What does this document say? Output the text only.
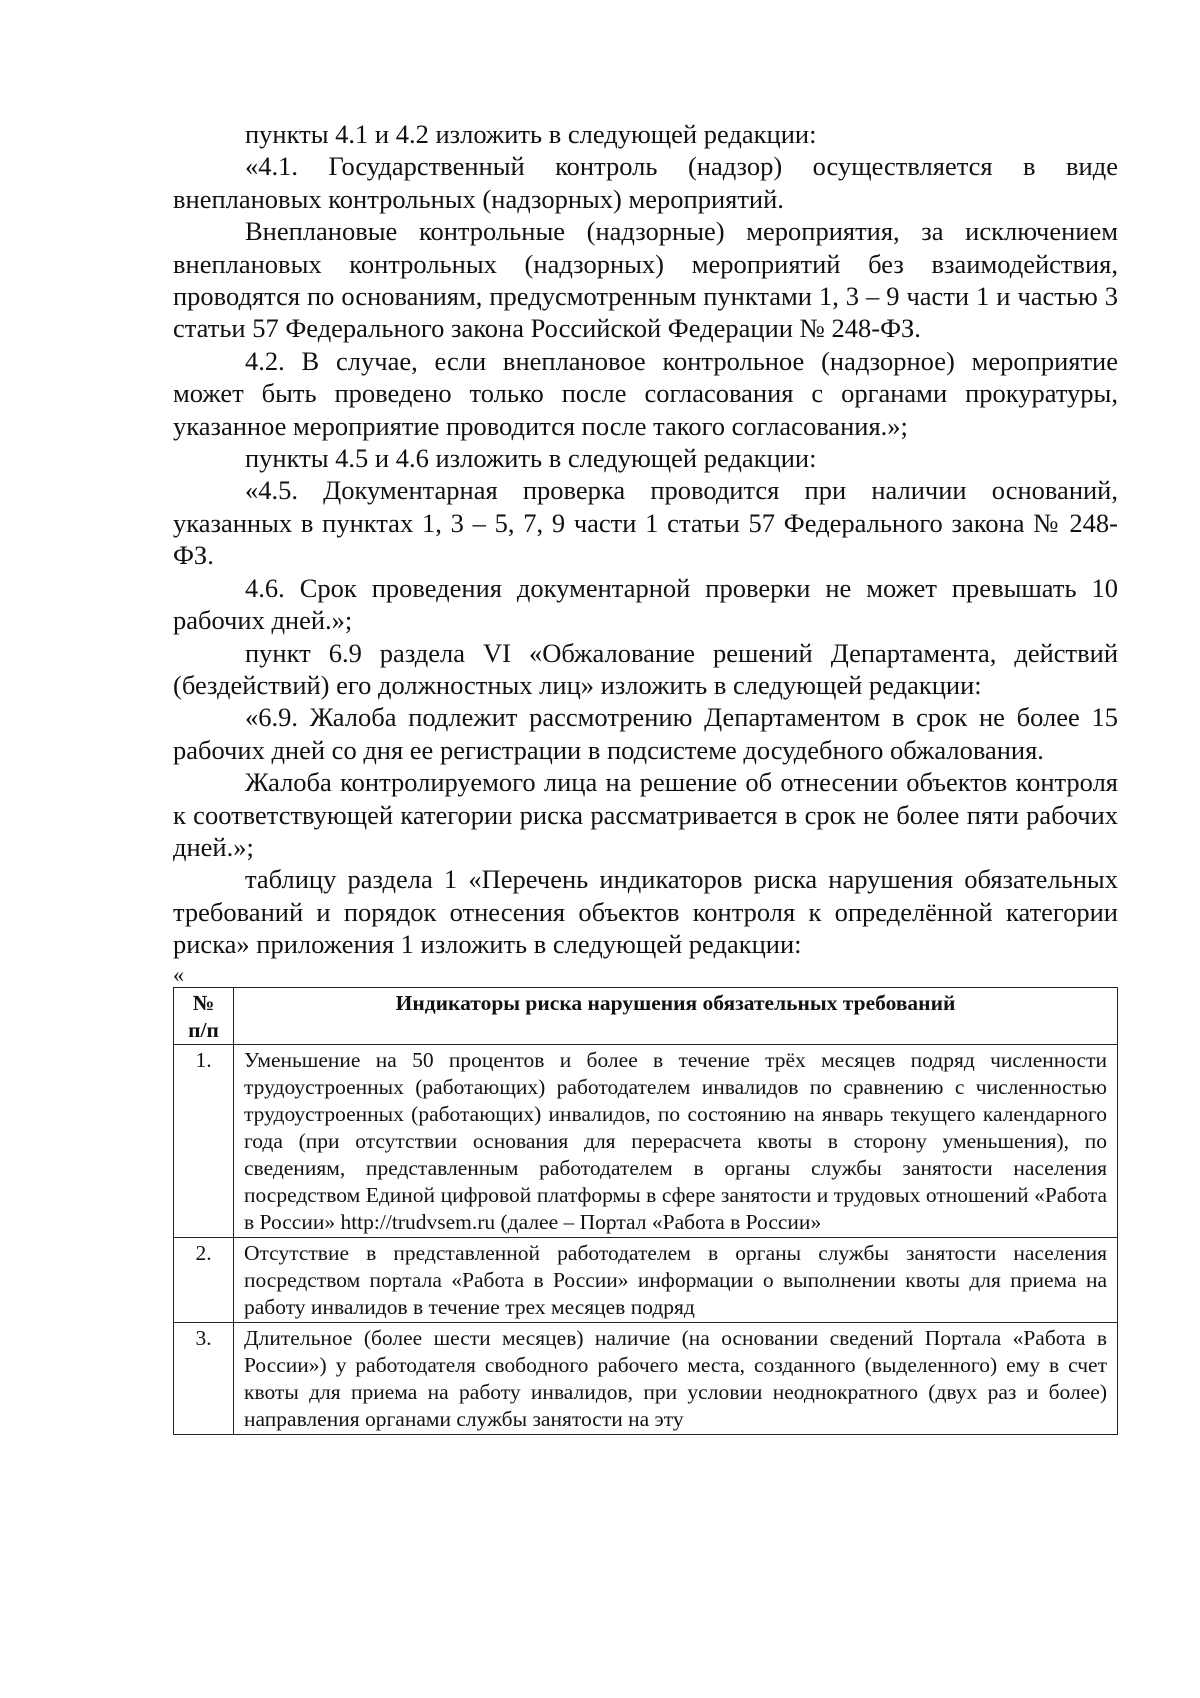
пункты 4.1 и 4.2 изложить в следующей редакции:

«4.1. Государственный контроль (надзор) осуществляется в виде внеплановых контрольных (надзорных) мероприятий.

Внеплановые контрольные (надзорные) мероприятия, за исключением внеплановых контрольных (надзорных) мероприятий без взаимодействия, проводятся по основаниям, предусмотренным пунктами 1, 3 – 9 части 1 и частью 3 статьи 57 Федерального закона Российской Федерации № 248-ФЗ.

4.2. В случае, если внеплановое контрольное (надзорное) мероприятие может быть проведено только после согласования с органами прокуратуры, указанное мероприятие проводится после такого согласования.»;

пункты 4.5 и 4.6 изложить в следующей редакции:

«4.5. Документарная проверка проводится при наличии оснований, указанных в пунктах 1, 3 – 5, 7, 9 части 1 статьи 57 Федерального закона № 248-ФЗ.

4.6. Срок проведения документарной проверки не может превышать 10 рабочих дней.»;

пункт 6.9 раздела VI «Обжалование решений Департамента, действий (бездействий) его должностных лиц» изложить в следующей редакции:

«6.9. Жалоба подлежит рассмотрению Департаментом в срок не более 15 рабочих дней со дня ее регистрации в подсистеме досудебного обжалования.

Жалоба контролируемого лица на решение об отнесении объектов контроля к соответствующей категории риска рассматривается в срок не более пяти рабочих дней.»;

таблицу раздела 1 «Перечень индикаторов риска нарушения обязательных требований и порядок отнесения объектов контроля к определённой категории риска» приложения 1 изложить в следующей редакции:

«
№ п/п	Индикаторы риска нарушения обязательных требований
1.	Уменьшение на 50 процентов и более в течение трёх месяцев подряд численности трудоустроенных (работающих) работодателем инвалидов по сравнению с численностью трудоустроенных (работающих) инвалидов, по состоянию на январь текущего календарного года (при отсутствии основания для перерасчета квоты в сторону уменьшения), по сведениям, представленным работодателем в органы службы занятости населения посредством Единой цифровой платформы в сфере занятости и трудовых отношений «Работа в России» http://trudvsem.ru (далее – Портал «Работа в России»
2.	Отсутствие в представленной работодателем в органы службы занятости населения посредством портала «Работа в России» информации о выполнении квоты для приема на работу инвалидов в течение трех месяцев подряд
3.	Длительное (более шести месяцев) наличие (на основании сведений Портала «Работа в России») у работодателя свободного рабочего места, созданного (выделенного) ему в счет квоты для приема на работу инвалидов, при условии неоднократного (двух раз и более) направления органами службы занятости на эту
